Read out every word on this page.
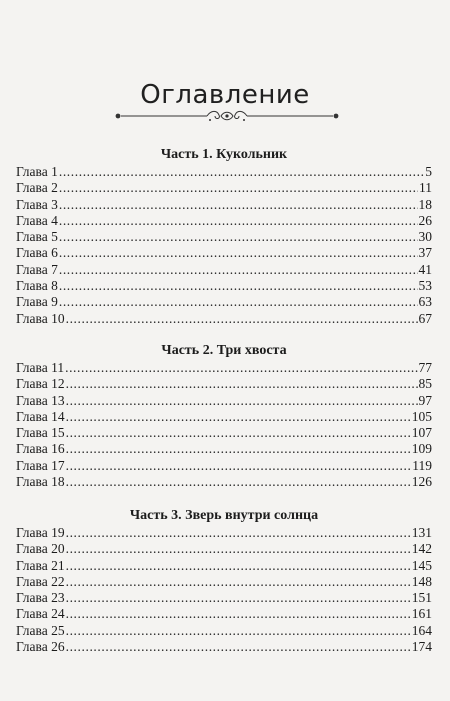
Оглавление
Часть 1. Кукольник
Глава 1 .....	5
Глава 2 .....	11
Глава 3 .....	18
Глава 4 .....	26
Глава 5 .....	30
Глава 6 .....	37
Глава 7 .....	41
Глава 8 .....	53
Глава 9 .....	63
Глава 10 .....	67
Часть 2. Три хвоста
Глава 11 .....	77
Глава 12 .....	85
Глава 13 .....	97
Глава 14 .....	105
Глава 15 .....	107
Глава 16 .....	109
Глава 17 .....	119
Глава 18 .....	126
Часть 3. Зверь внутри солнца
Глава 19 .....	131
Глава 20 .....	142
Глава 21 .....	145
Глава 22 .....	148
Глава 23 .....	151
Глава 24 .....	161
Глава 25 .....	164
Глава 26 .....	174
